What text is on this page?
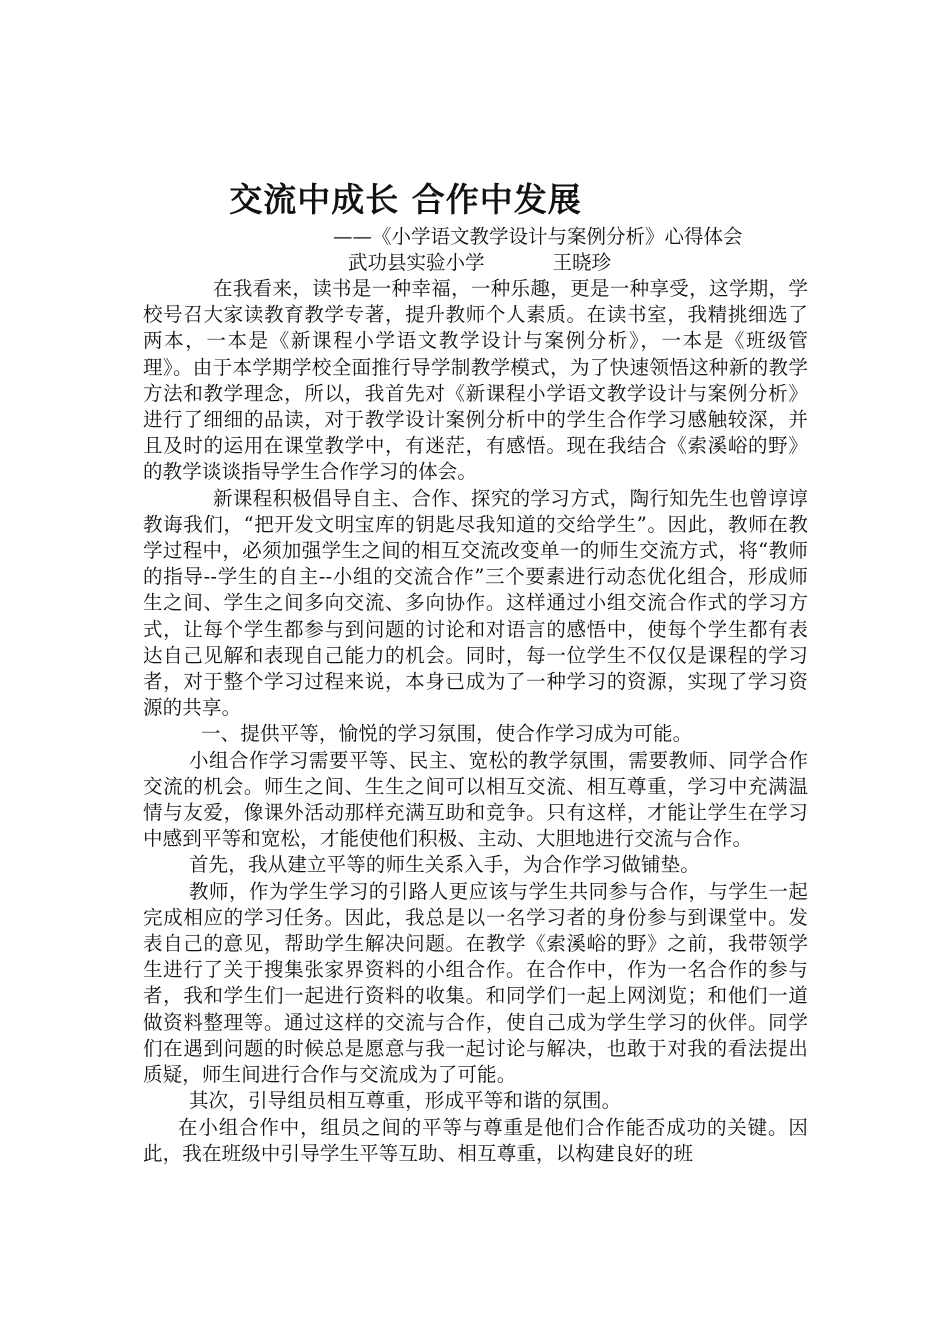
交流中成长 合作中发展

——《小学语文教学设计与案例分析》心得体会

武功县实验小学	王晓珍

在我看来，读书是一种幸福，一种乐趣，更是一种享受，这学期，学校号召大家读教育教学专著，提升教师个人素质。在读书室，我精挑细选了两本，一本是《新课程小学语文教学设计与案例分析》，一本是《班级管理》。由于本学期学校全面推行导学制教学模式，为了快速领悟这种新的教学方法和教学理念，所以，我首先对《新课程小学语文教学设计与案例分析》进行了细细的品读，对于教学设计案例分析中的学生合作学习感触较深，并且及时的运用在课堂教学中，有迷茫，有感悟。现在我结合《索溪峪的野》的教学谈谈指导学生合作学习的体会。

新课程积极倡导自主、合作、探究的学习方式，陶行知先生也曾谆谆教诲我们，“把开发文明宝库的钥匙尽我知道的交给学生”。因此，教师在教学过程中，必须加强学生之间的相互交流改变单一的师生交流方式，将“教师的指导--学生的自主--小组的交流合作”三个要素进行动态优化组合，形成师生之间、学生之间多向交流、多向协作。这样通过小组交流合作式的学习方式，让每个学生都参与到问题的讨论和对语言的感悟中，使每个学生都有表达自己见解和表现自己能力的机会。同时，每一位学生不仅仅是课程的学习者，对于整个学习过程来说，本身已成为了一种学习的资源，实现了学习资源的共享。

一、提供平等，愉悦的学习氛围，使合作学习成为可能。

小组合作学习需要平等、民主、宽松的教学氛围，需要教师、同学合作交流的机会。师生之间、生生之间可以相互交流、相互尊重，学习中充满温情与友爱，像课外活动那样充满互助和竞争。只有这样，才能让学生在学习中感到平等和宽松，才能使他们积极、主动、大胆地进行交流与合作。

首先，我从建立平等的师生关系入手，为合作学习做铺垫。

教师，作为学生学习的引路人更应该与学生共同参与合作，与学生一起完成相应的学习任务。因此，我总是以一名学习者的身份参与到课堂中。发表自己的意见，帮助学生解决问题。在教学《索溪峪的野》之前，我带领学生进行了关于搜集张家界资料的小组合作。在合作中，作为一名合作的参与者，我和学生们一起进行资料的收集。和同学们一起上网浏览；和他们一道做资料整理等。通过这样的交流与合作，使自己成为学生学习的伙伴。同学们在遇到问题的时候总是愿意与我一起讨论与解决，也敢于对我的看法提出质疑，师生间进行合作与交流成为了可能。

其次，引导组员相互尊重，形成平等和谐的氛围。

在小组合作中，组员之间的平等与尊重是他们合作能否成功的关键。因此，我在班级中引导学生平等互助、相互尊重，以构建良好的班
